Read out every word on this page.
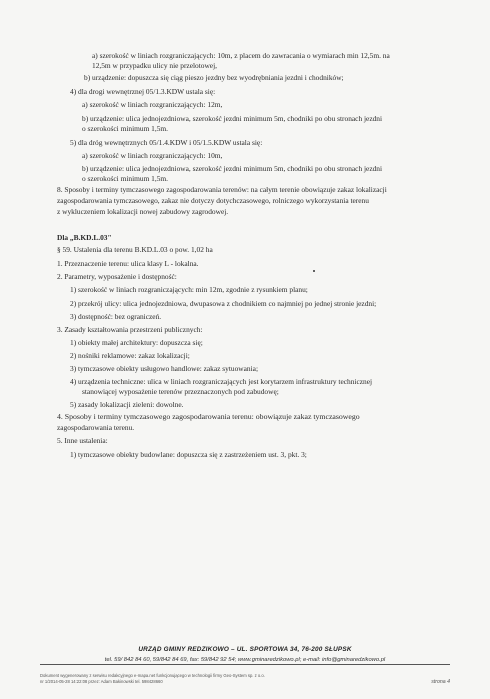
a) szerokość w liniach rozgraniczających: 10m, z placem do zawracania o wymiarach min 12,5m. na
12,5m w przypadku ulicy nie przelotowej,
b) urządzenie: dopuszcza się ciąg pieszo jezdny bez wyodrębniania jezdni i chodników;
4) dla drogi wewnętrznej 05/1.3.KDW ustala się:
a) szerokość w liniach rozgraniczających: 12m,
b) urządzenie: ulica jednojezdniowa, szerokość jezdni minimum 5m, chodniki po obu stronach jezdni
o szerokości minimum 1,5m.
5) dla dróg wewnętrznych 05/1.4.KDW i 05/1.5.KDW ustala się:
a) szerokość w liniach rozgraniczających: 10m,
b) urządzenie: ulica jednojezdniowa, szerokość jezdni minimum 5m, chodniki po obu stronach jezdni
o szerokości minimum 1,5m.
8. Sposoby i terminy tymczasowego zagospodarowania terenów: na całym terenie obowiązuje zakaz lokalizacji
zagospodarowania tymczasowego, zakaz nie dotyczy dotychczasowego, rolniczego wykorzystania terenu
z wykluczeniem lokalizacji nowej zabudowy zagrodowej.
Dla „B.KD.L.03"
§ 59. Ustalenia dla terenu B.KD.L.03 o pow. 1,02 ha
1. Przeznaczenie terenu: ulica klasy L - lokalna.
2. Parametry, wyposażenie i dostępność:
1) szerokość w liniach rozgraniczających: min 12m, zgodnie z rysunkiem planu;
2) przekrój ulicy: ulica jednojezdniowa, dwupasowa z chodnikiem co najmniej po jednej stronie jezdni;
3) dostępność: bez ograniczeń.
3. Zasady kształtowania przestrzeni publicznych:
1) obiekty małej architektury: dopuszcza się;
2) nośniki reklamowe: zakaz lokalizacji;
3) tymczasowe obiekty usługowo handlowe: zakaz sytuowania;
4) urządzenia techniczne: ulica w liniach rozgraniczających jest korytarzem infrastruktury technicznej
stanowiącej wyposażenie terenów przeznaczonych pod zabudowę;
5) zasady lokalizacji zieleni: dowolne.
4. Sposoby i terminy tymczasowego zagospodarowania terenu: obowiązuje zakaz tymczasowego
zagospodarowania terenu.
5. Inne ustalenia:
1) tymczasowe obiekty budowlane: dopuszcza się z zastrzeżeniem ust. 3, pkt. 3;
URZĄD GMINY REDZIKOWO – UL. SPORTOWA 34, 76-200 SŁUPSK
tel. 59/ 842 84 60, 59/842 84 69, fax: 59/842 92 54; www.gminaredzikowo.pl; e-mail: info@gminaredzikowo.pl
Dokument wygenerowany z serwisu redakcyjnego e-mapa.net funkcjonującego w technologii firmy Geo-System sp. z o.o.
nr 1/2014-05-28 14:22:08 przez: Adam Bakinowski tel. 598428660	strona 4
